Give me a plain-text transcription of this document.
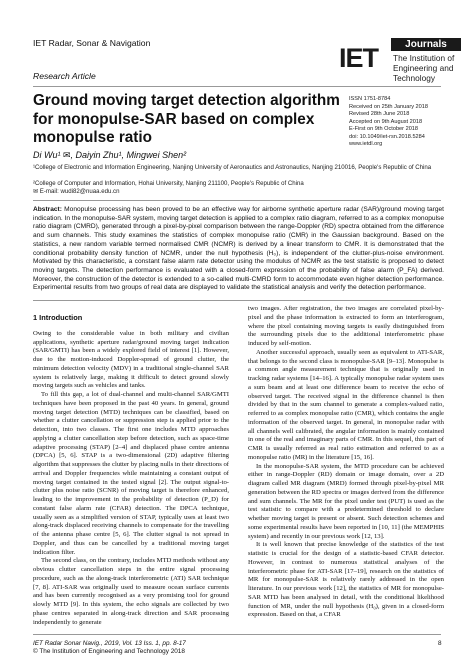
IET Radar, Sonar & Navigation
Research Article
IET	Journals
The Institution of
Engineering and Technology
Ground moving target detection algorithm for monopulse-SAR based on complex monopulse ratio
ISSN 1751-8784
Received on 25th January 2018
Revised 28th June 2018
Accepted on 9th August 2018
E-First on 9th October 2018
doi: 10.1049/iet-rsn.2018.5284
www.ietdl.org
Di Wu¹ ✉, Daiyin Zhu¹, Mingwei Shen²
¹College of Electronic and Information Engineering, Nanjing University of Aeronautics and Astronautics, Nanjing 210016, People's Republic of China
²College of Computer and Information, Hohai University, Nanjing 211100, People's Republic of China
✉ E-mail: wudi82@nuaa.edu.cn
Abstract: Monopulse processing has been proved to be an effective way for airborne synthetic aperture radar (SAR)/ground moving target indication. In the monopulse-SAR system, moving target detection is applied to a complex ratio diagram, referred to as a complex monopulse ratio diagram (CMRD), generated through a pixel-by-pixel comparison between the range-Doppler (RD) spectra obtained from the difference and sum channels. This study examines the statistics of complex monopulse ratio (CMR) in the Gaussian background. Based on the statistics, a new random variable termed normalised CMR (NCMR) is derived by a linear transform to CMR. It is demonstrated that the conditional probability density function of NCMR, under the null hypothesis (H₀), is independent of the clutter-plus-noise environment. Motivated by this characteristic, a constant false alarm rate detector using the modulus of NCMR as the test statistic is proposed to detect moving targets. The detection performance is evaluated with a closed-form expression of the probability of false alarm (P_FA) derived. Moreover, the construction of the detector is extended to a so-called multi-CMRD form to accommodate even higher detection performance. Experimental results from two groups of real data are displayed to validate the statistical analysis and verify the detection performance.
1 Introduction

Owing to the considerable value in both military and civilian applications, synthetic aperture radar/ground moving target indication (SAR/GMTI) has been a widely explored field of interest [1]. However, due to the motion-induced Doppler-spread of ground clutter, the minimum detection velocity (MDV) in a traditional single-channel SAR system is relatively large, making it difficult to detect ground slowly moving targets such as vehicles and tanks.

To fill this gap, a lot of dual-channel and multi-channel SAR/GMTI techniques have been proposed in the past 40 years. In general, ground moving target detection (MTD) techniques can be classified, based on whether a clutter cancellation or suppression step is applied prior to the detection, into two classes. The first one includes MTD approaches applying a clutter cancellation step before detection, such as space-time adaptive processing (STAP) [2–4] and displaced phase centre antenna (DPCA) [5, 6]. STAP is a two-dimensional (2D) adaptive filtering algorithm that suppresses the clutter by placing nulls in their directions of arrival and Doppler frequencies while maintaining a constant output of moving target contained in the tested signal [2]. The output signal-to-clutter plus noise ratio (SCNR) of moving target is therefore enhanced, leading to the improvement in the probability of detection (P_D) for constant false alarm rate (CFAR) detection. The DPCA technique, usually seen as a simplified version of STAP, typically uses at least two along-track displaced receiving channels to compensate for the travelling of the antenna phase centre [5, 6]. The clutter signal is not spread in Doppler, and thus can be cancelled by a traditional moving target indication filter.

The second class, on the contrary, includes MTD methods without any obvious clutter cancellation steps in the entire signal processing procedure, such as the along-track interferometric (ATI) SAR technique [7, 8]. ATI-SAR was originally used to measure ocean surface currents and has been currently recognised as a very promising tool for ground slowly MTD [9]. In this system, the echo signals are collected by two phase centres separated in along-track direction and SAR processing independently to generate

two images. After registration, the two images are correlated pixel-by-pixel and the phase information is extracted to form an interferogram, where the pixel containing moving targets is easily distinguished from the surrounding pixels due to the additional interferometric phase induced by self-motion.

Another successful approach, usually seen as equivalent to ATI-SAR, that belongs to the second class is monopulse-SAR [9–13]. Monopulse is a common angle measurement technique that is originally used in tracking radar systems [14–16]. A typically monopulse radar system uses a sum beam and at least one difference beam to receive the echo of observed target. The received signal in the difference channel is then divided by that in the sum channel to generate a complex-valued ratio, referred to as complex monopulse ratio (CMR), which contains the angle information of the observed target. In general, in monopulse radar with all channels well calibrated, the angular information is mainly contained in one of the real and imaginary parts of CMR. In this sequel, this part of CMR is usually referred as real ratio estimation and referred to as a monopulse ratio (MR) in the literature [15, 16].

In the monopulse-SAR system, the MTD procedure can be achieved either in range-Doppler (RD) domain or image domain, over a 2D diagram called MR diagram (MRD) formed through pixel-by-pixel MR generation between the RD spectra or images derived from the difference and sum channels. The MR for the pixel under test (PUT) is used as the test statistic to compare with a predetermined threshold to declare whether moving target is present or absent. Such detection schemes and some experimental results have been reported in [10, 11] (the MEMPHIS system) and recently in our previous work [12, 13].

It is well known that precise knowledge of the statistics of the test statistic is crucial for the design of a statistic-based CFAR detector. However, in contrast to numerous statistical analyses of the interferometric phase for ATI-SAR [17–19], research on the statistics of MR for monopulse-SAR is relatively rarely addressed in the open literature. In our previous work [12], the statistics of MR for monopulse-SAR MTD has been analysed in detail, with the conditional likelihood function of MR, under the null hypothesis (H₀), given in a closed-form expression. Based on that, a CFAR

IET Radar Sonar Navig., 2019, Vol. 13 Iss. 1, pp. 8-17
© The Institution of Engineering and Technology 2018
8
